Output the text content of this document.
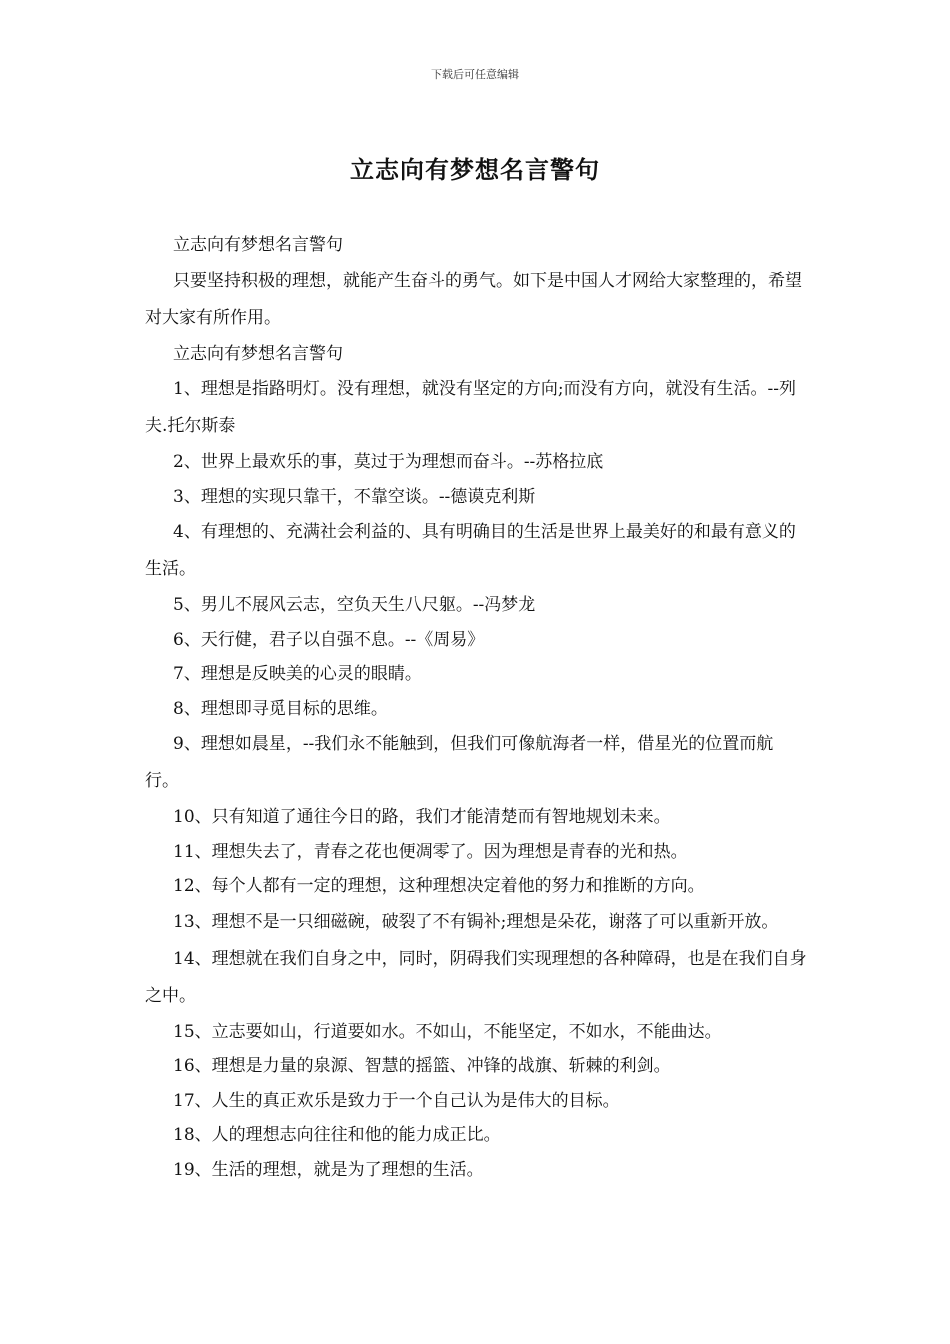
下载后可任意编辑
立志向有梦想名言警句

立志向有梦想名言警句

只要坚持积极的理想，就能产生奋斗的勇气。如下是中国人才网给大家整理的，希望对大家有所作用。

立志向有梦想名言警句

1、理想是指路明灯。没有理想，就没有坚定的方向;而没有方向，就没有生活。--列夫.托尔斯泰

2、世界上最欢乐的事，莫过于为理想而奋斗。--苏格拉底

3、理想的实现只靠干，不靠空谈。--德谟克利斯

4、有理想的、充满社会利益的、具有明确目的生活是世界上最美好的和最有意义的生活。

5、男儿不展风云志，空负天生八尺躯。--冯梦龙

6、天行健，君子以自强不息。--《周易》

7、理想是反映美的心灵的眼睛。

8、理想即寻觅目标的思维。

9、理想如晨星，--我们永不能触到，但我们可像航海者一样，借星光的位置而航行。

10、只有知道了通往今日的路，我们才能清楚而有智地规划未来。

11、理想失去了，青春之花也便凋零了。因为理想是青春的光和热。

12、每个人都有一定的理想，这种理想决定着他的努力和推断的方向。

13、理想不是一只细磁碗，破裂了不有锔补;理想是朵花，谢落了可以重新开放。

14、理想就在我们自身之中，同时，阴碍我们实现理想的各种障碍，也是在我们自身之中。

15、立志要如山，行道要如水。不如山，不能坚定，不如水，不能曲达。

16、理想是力量的泉源、智慧的摇篮、冲锋的战旗、斩棘的利剑。

17、人生的真正欢乐是致力于一个自己认为是伟大的目标。

18、人的理想志向往往和他的能力成正比。

19、生活的理想，就是为了理想的生活。
